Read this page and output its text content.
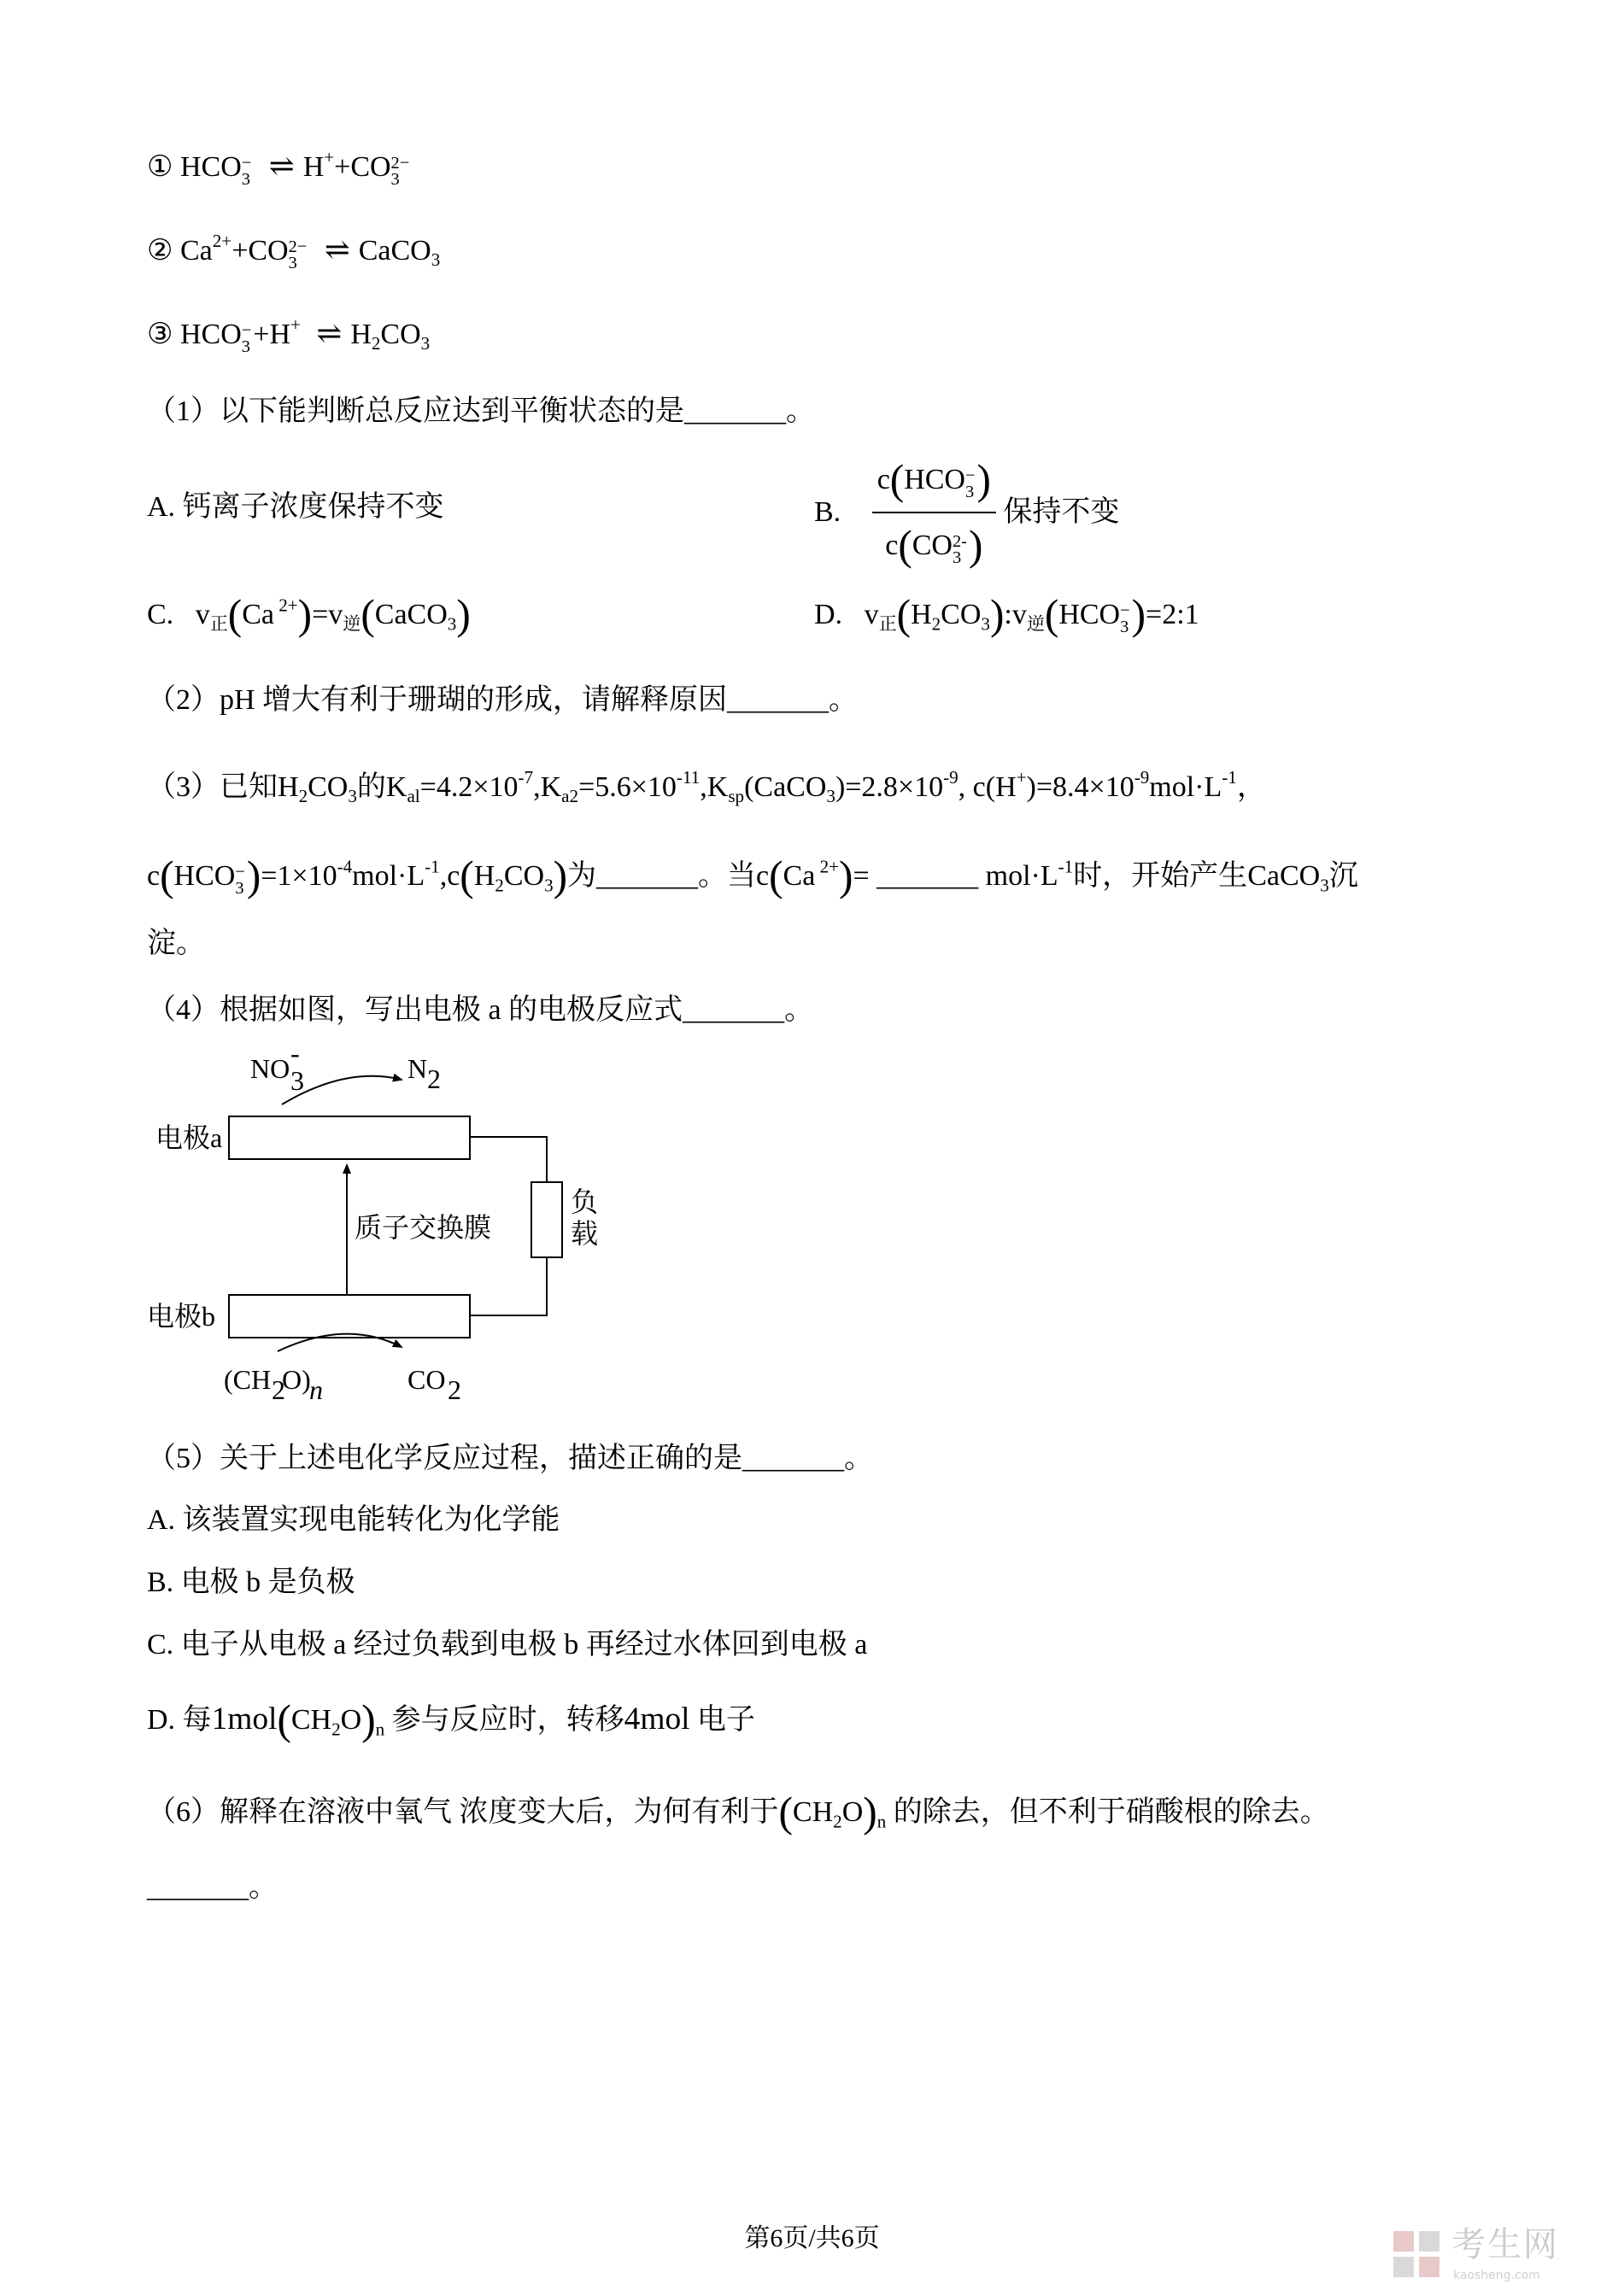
① HCO −
3 ⇌ H++CO 2−
3
② $Ca^{2+}+CO$ 2−
3 ⇌ CaCO$_3$
③ HCO −
3 +H+ ⇌ $H_2CO_3$
（1）以下能判断总反应达到平衡状态的是_______。
A. 钙离子浓度保持不变	B. c(HCO −
3 )
c(CO 2-
3 ) 保持不变
C.   $v_正(Ca$ $^{2+})=v_逆(CaCO_3)$	D.   $v_正(H_2CO_3):v_逆(HCO$ −
3 )=2:1
（2）pH 增大有利于珊瑚的形成，请解释原因_______。
（3）已知$H_2CO_3$的$K_{al}=4.2\times 10^{-7},K_{a2}=5.6\times 10^{-11},K_{sp}(CaCO_3)=2.8\times 10^{-9}$, $c(H^+)=8.4\times 10^{-9}mol\cdot L^{-1}$，
c(HCO −
3 )$=1\times 10^{-4}mol\cdot L^{-1},c(H_2CO_3)$为_______。当c(Ca $^{2+}$)= _______ $mol\cdot L^{-1}$时，开始产生CaCO$_3$沉
淀。
（4）根据如图，写出电极 a 的电极反应式_______。
NO 3
-	N 2
电极a
电极b
质子交换膜
负
载
(CH 2
O)
n	CO 2
（5）关于上述电化学反应过程，描述正确的是_______。
A. 该装置实现电能转化为化学能
B. 电极 b 是负极
C. 电子从电极 a 经过负载到电极 b 再经过水体回到电极 a
D. 每$1mol(CH_2O)_n$ 参与反应时，转移4mol 电子
（6）解释在溶液中氧气 浓度变大后，为何有利于$(CH_2O)_n$ 的除去，但不利于硝酸根的除去。
_______。
第6页/共6页	考生网
kaosheng.com
